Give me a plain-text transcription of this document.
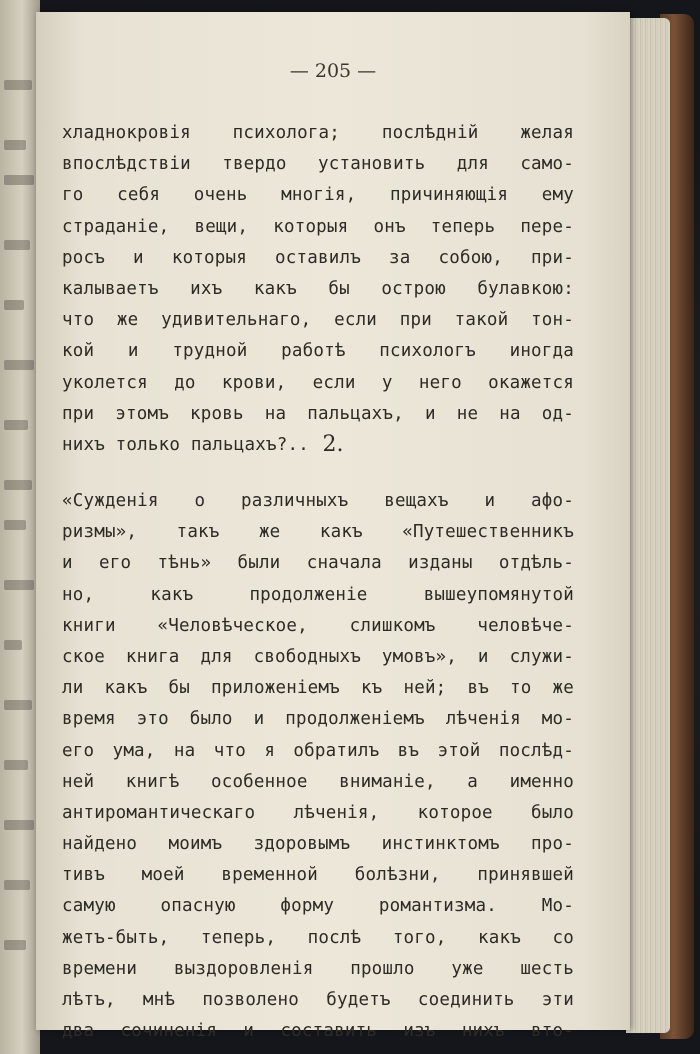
— 205 —
хладнокровія психолога; послѣдній желая
впослѣдствіи твердо установить для само-
го себя очень многія, причиняющія ему
страданіе, вещи, которыя онъ теперь перe-
росъ и которыя оставилъ за собою, при-
калываетъ ихъ какъ бы острою булавкою:
что же удивительнаго, если при такой тон-
кой и трудной работѣ психологъ иногда
уколется до крови, если у него окажется
при этомъ кровь на пальцахъ, и не на од-
нихъ только пальцахъ?.. 2.
«Сужденія о различныхъ вещахъ и афо-
ризмы», такъ же какъ «Путешественникъ
и его тѣнь» были сначала изданы отдѣль-
но, какъ продолженіе вышеупомянутой
книги «Человѣческое, слишкомъ человѣче-
ское книга для свободныхъ умовъ», и служи-
ли какъ бы приложеніемъ къ ней; въ то же
время это было и продолженіемъ лѣченія мо-
его ума, на что я обратилъ въ этой послѣд-
ней книгѣ особенное вниманіе, а именно
антиромантическаго лѣченія, которое было
найдено моимъ здоровымъ инстинктомъ про-
тивъ моей временной болѣзни, принявшей
самую опасную форму романтизма. Мо-
жетъ-быть, теперь, послѣ того, какъ со
времени выздоровленія прошло уже шесть
лѣтъ, мнѣ позволено будетъ соединить эти
два сочиненія и составить изъ нихъ вто-
